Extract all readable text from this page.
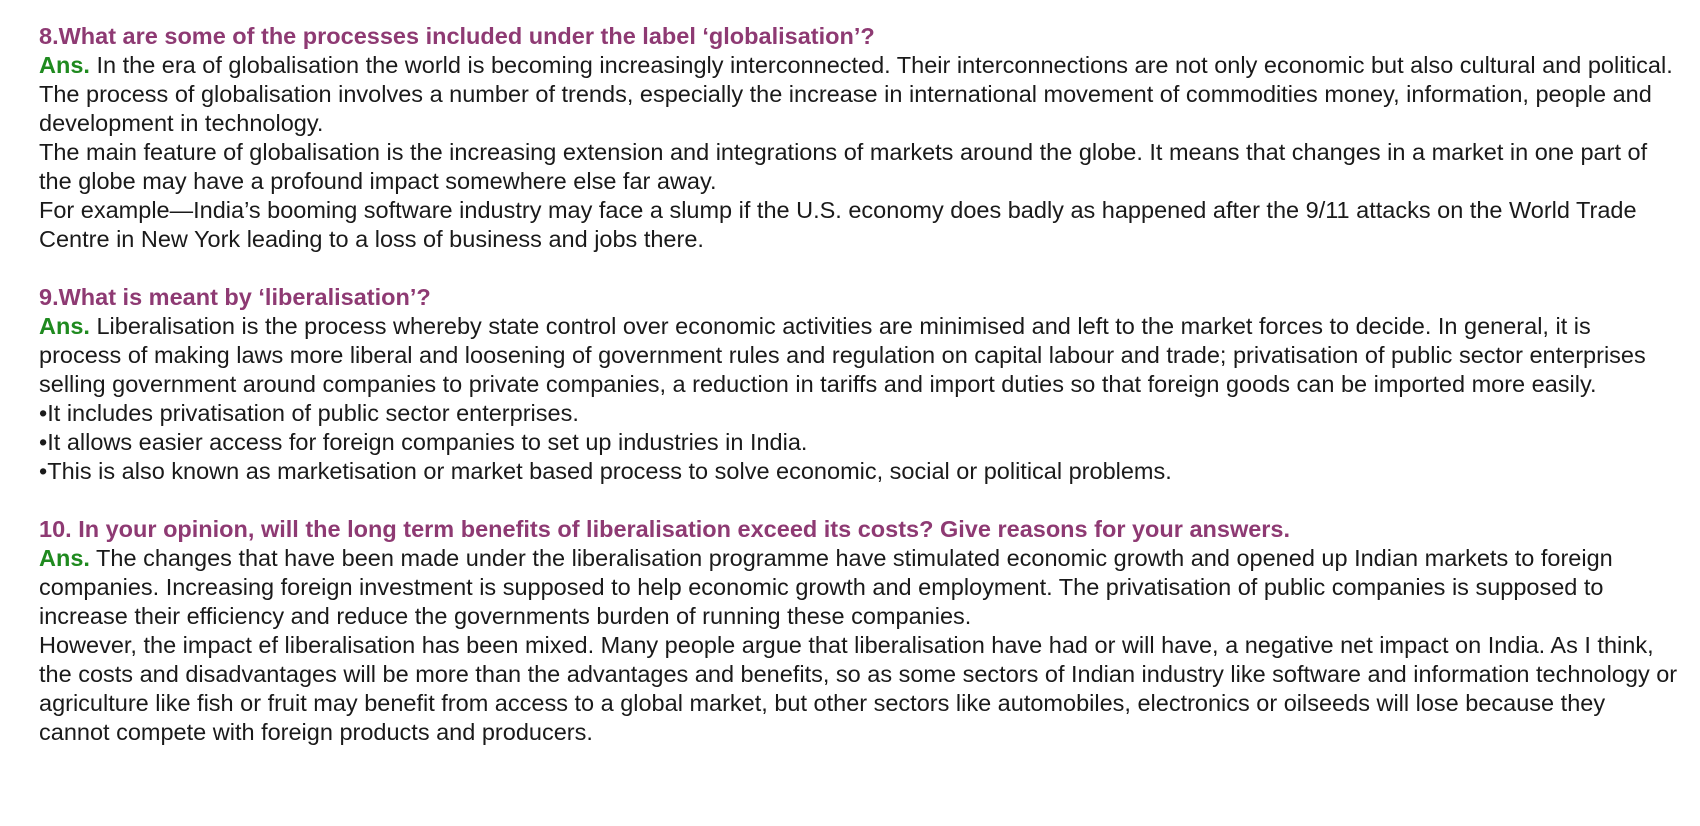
8.What are some of the processes included under the label ‘globalisation’?

Ans. In the era of globalisation the world is becoming increasingly interconnected. Their interconnections are not only economic but also cultural and political.

The process of globalisation involves a number of trends, especially the increase in international movement of commodities money, information, people and development in technology.

The main feature of globalisation is the increasing extension and integrations of markets around the globe. It means that changes in a market in one part of the globe may have a profound impact somewhere else far away.

For example—India’s booming software industry may face a slump if the U.S. economy does badly as happened after the 9/11 attacks on the World Trade Centre in New York leading to a loss of business and jobs there.

9.What is meant by ‘liberalisation’?

Ans. Liberalisation is the process whereby state control over economic activities are minimised and left to the market forces to decide. In general, it is process of making laws more liberal and loosening of government rules and regulation on capital labour and trade; privatisation of public sector enterprises selling government around companies to private companies, a reduction in tariffs and import duties so that foreign goods can be imported more easily.

•It includes privatisation of public sector enterprises.

•It allows easier access for foreign companies to set up industries in India.

•This is also known as marketisation or market based process to solve economic, social or political problems.

10. In your opinion, will the long term benefits of liberalisation exceed its costs? Give reasons for your answers.

Ans. The changes that have been made under the liberalisation programme have stimulated economic growth and opened up Indian markets to foreign companies. Increasing foreign investment is supposed to help economic growth and employment. The privatisation of public companies is supposed to increase their efficiency and reduce the governments burden of running these companies.

However, the impact ef liberalisation has been mixed. Many people argue that liberalisation have had or will have, a negative net impact on India. As I think, the costs and disadvantages will be more than the advantages and benefits, so as some sectors of Indian industry like software and information technology or agriculture like fish or fruit may benefit from access to a global market, but other sectors like automobiles, electronics or oilseeds will lose because they cannot compete with foreign products and producers.
